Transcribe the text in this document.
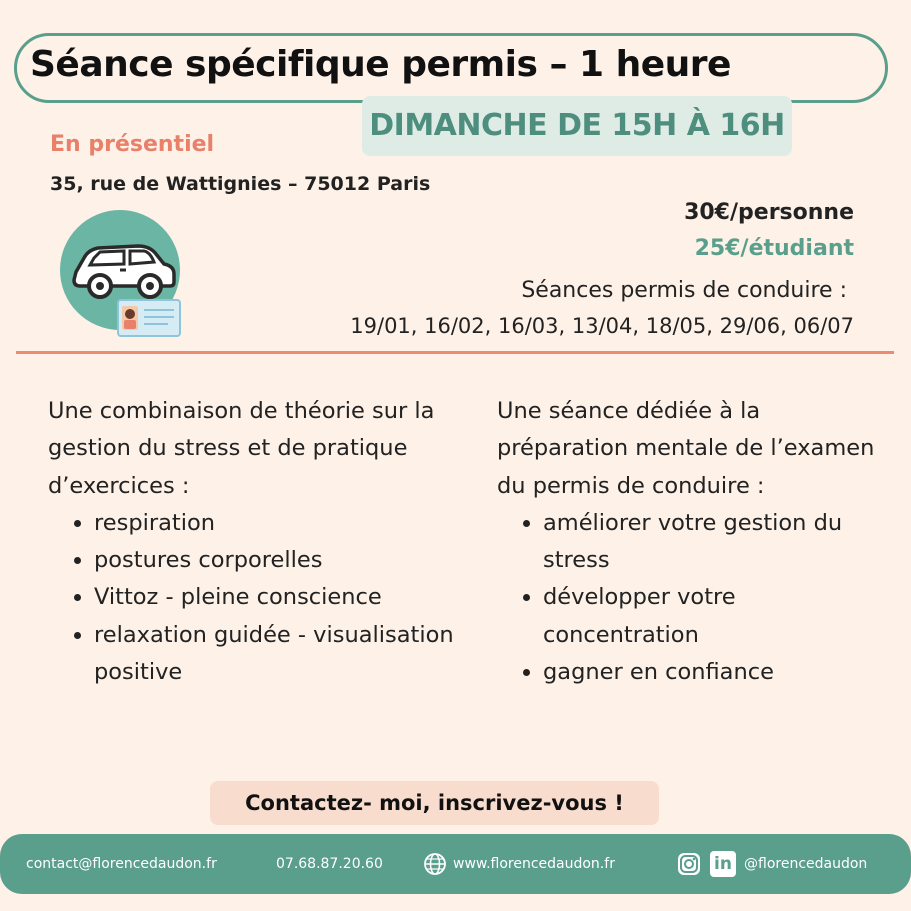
Séance spécifique permis – 1 heure
DIMANCHE DE 15H À 16H
En présentiel
35, rue de Wattignies – 75012 Paris
30€/personne
25€/étudiant
Séances permis de conduire :
19/01, 16/02, 16/03, 13/04, 18/05, 29/06, 06/07

Une combinaison de théorie sur la gestion du stress et de pratique d’exercices :

• respiration
• postures corporelles
• Vittoz - pleine conscience
• relaxation guidée - visualisation positive

Une séance dédiée à la préparation mentale de l’examen du permis de conduire :

• améliorer votre gestion du stress
• développer votre concentration
• gagner en confiance
Contactez- moi, inscrivez-vous !
contact@florencedaudon.fr	07.68.87.20.60	www.florencedaudon.fr	in @florencedaudon
